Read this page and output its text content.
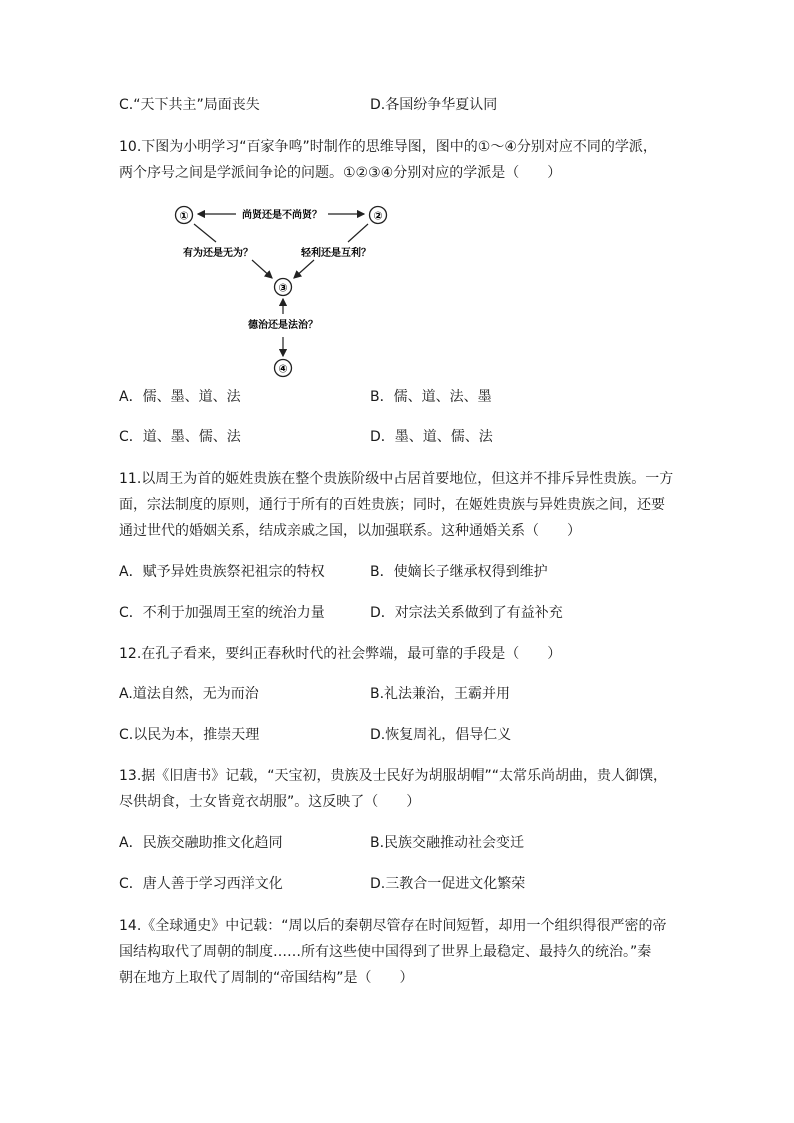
C.“天下共主”局面丧失	D.各国纷争华夏认同
10.下图为小明学习“百家争鸣”时制作的思维导图，图中的①～④分别对应不同的学派，
两个序号之间是学派间争论的问题。①②③④分别对应的学派是（　　）
①	②
③
④
尚贤还是不尚贤？
有为还是无为？	轻利还是互利？
德治还是法治？
A．儒、墨、道、法	B．儒、道、法、墨
C．道、墨、儒、法	D．墨、道、儒、法
11.以周王为首的姬姓贵族在整个贵族阶级中占居首要地位，但这并不排斥异性贵族。一方
面，宗法制度的原则，通行于所有的百姓贵族；同时，在姬姓贵族与异姓贵族之间，还要
通过世代的婚姻关系，结成亲戚之国，以加强联系。这种通婚关系（　　）
A．赋予异姓贵族祭祀祖宗的特权	B．使嫡长子继承权得到维护
C．不利于加强周王室的统治力量	D．对宗法关系做到了有益补充
12.在孔子看来，要纠正春秋时代的社会弊端，最可靠的手段是（　　）
A.道法自然，无为而治	B.礼法兼治，王霸并用
C.以民为本，推崇天理	D.恢复周礼，倡导仁义
13.据《旧唐书》记载，“天宝初，贵族及士民好为胡服胡帽”“太常乐尚胡曲，贵人御馔，
尽供胡食，士女皆竟衣胡服”。这反映了（　　）
A．民族交融助推文化趋同	B.民族交融推动社会变迁
C．唐人善于学习西洋文化	D.三教合一促进文化繁荣
14.《全球通史》中记载：“周以后的秦朝尽管存在时间短暂，却用一个组织得很严密的帝
国结构取代了周朝的制度……所有这些使中国得到了世界上最稳定、最持久的统治。”秦
朝在地方上取代了周制的“帝国结构”是（　　）
